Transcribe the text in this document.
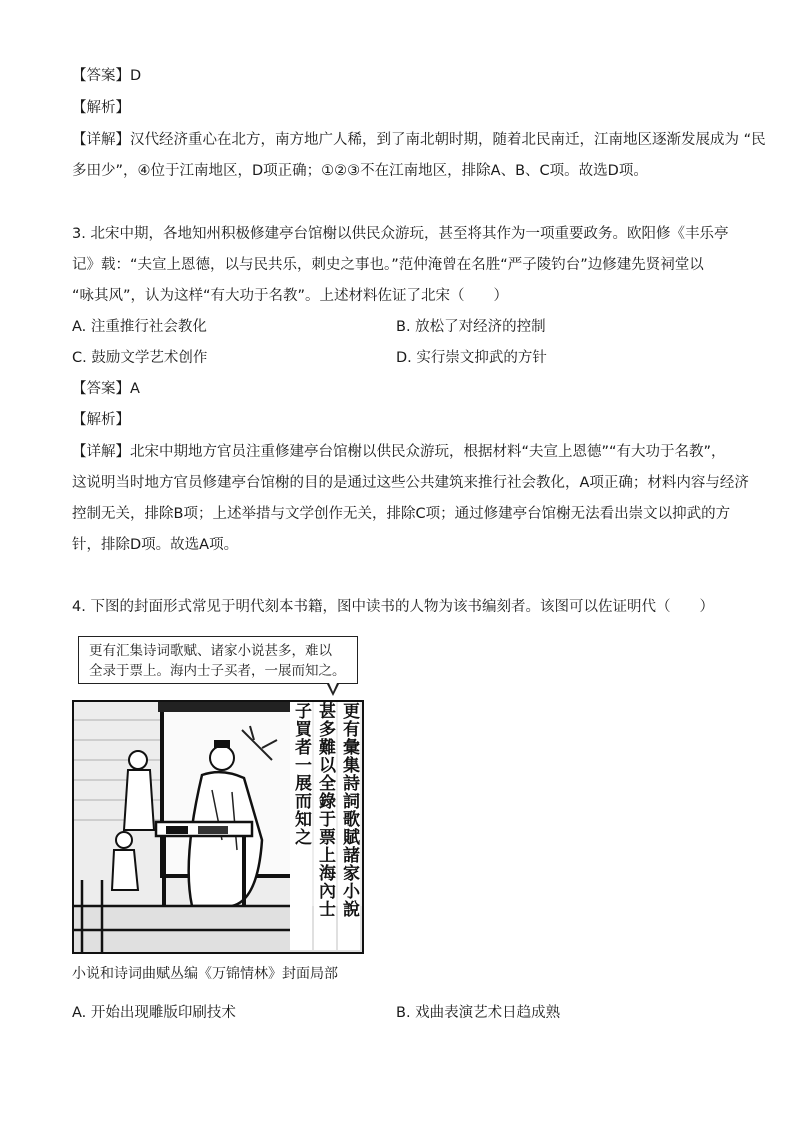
【答案】D
【解析】
【详解】汉代经济重心在北方，南方地广人稀，到了南北朝时期，随着北民南迁，江南地区逐渐发展成为 “民
多田少”，④位于江南地区，D项正确；①②③不在江南地区，排除A、B、C项。故选D项。
3. 北宋中期，各地知州积极修建亭台馆榭以供民众游玩，甚至将其作为一项重要政务。欧阳修《丰乐亭
记》载：“夫宣上恩德，以与民共乐，刺史之事也。”范仲淹曾在名胜“严子陵钓台”边修建先贤祠堂以
“咏其风”，认为这样“有大功于名教”。上述材料佐证了北宋（　　）
A. 注重推行社会教化	B. 放松了对经济的控制
C. 鼓励文学艺术创作	D. 实行崇文抑武的方针
【答案】A
【解析】
【详解】北宋中期地方官员注重修建亭台馆榭以供民众游玩，根据材料“夫宣上恩德”“有大功于名教”，
这说明当时地方官员修建亭台馆榭的目的是通过这些公共建筑来推行社会教化，A项正确；材料内容与经济
控制无关，排除B项；上述举措与文学创作无关，排除C项；通过修建亭台馆榭无法看出崇文以抑武的方
针，排除D项。故选A项。
4. 下图的封面形式常见于明代刻本书籍，图中读书的人物为该书编刻者。该图可以佐证明代（　　）
更有汇集诗词歌赋、诸家小说甚多，难以
全录于票上。海内士子买者，一展而知之。
更有彙集詩詞歌賦諸家小說
甚多難以全錄于票上海內士
子買者一展而知之
小说和诗词曲赋丛编《万锦情林》封面局部
A. 开始出现雕版印刷技术	B. 戏曲表演艺术日趋成熟
